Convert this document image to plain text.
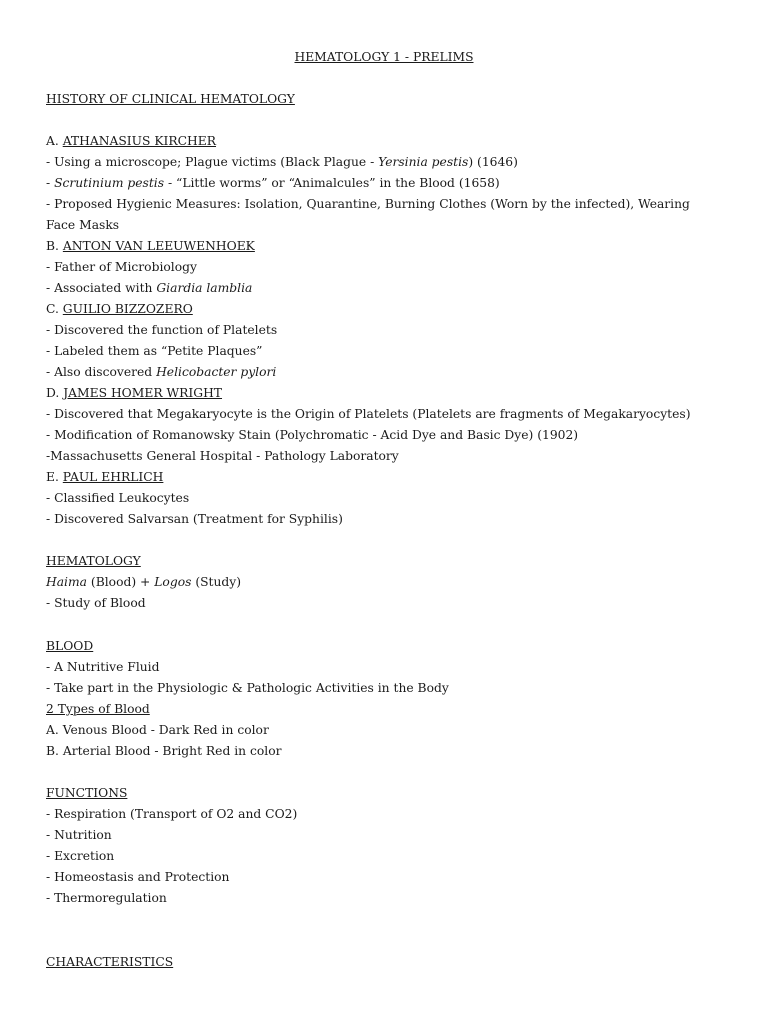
HEMATOLOGY 1 - PRELIMS
HISTORY OF CLINICAL HEMATOLOGY
A. ATHANASIUS KIRCHER
- Using a microscope; Plague victims (Black Plague - Yersinia pestis) (1646)
- Scrutinium pestis - “Little worms” or “Animalcules” in the Blood (1658)
- Proposed Hygienic Measures: Isolation, Quarantine, Burning Clothes (Worn by the infected), Wearing Face Masks
B. ANTON VAN LEEUWENHOEK
- Father of Microbiology
- Associated with Giardia lamblia
C. GUILIO BIZZOZERO
- Discovered the function of Platelets
- Labeled them as “Petite Plaques”
- Also discovered Helicobacter pylori
D. JAMES HOMER WRIGHT
- Discovered that Megakaryocyte is the Origin of Platelets (Platelets are fragments of Megakaryocytes)
- Modification of Romanowsky Stain (Polychromatic - Acid Dye and Basic Dye) (1902)
-Massachusetts General Hospital - Pathology Laboratory
E. PAUL EHRLICH
- Classified Leukocytes
- Discovered Salvarsan (Treatment for Syphilis)
HEMATOLOGY
Haima (Blood) + Logos (Study)
- Study of Blood
BLOOD
- A Nutritive Fluid
- Take part in the Physiologic & Pathologic Activities in the Body
2 Types of Blood
A. Venous Blood - Dark Red in color
B. Arterial Blood - Bright Red in color
FUNCTIONS
- Respiration (Transport of O2 and CO2)
- Nutrition
- Excretion
- Homeostasis and Protection
- Thermoregulation
CHARACTERISTICS
